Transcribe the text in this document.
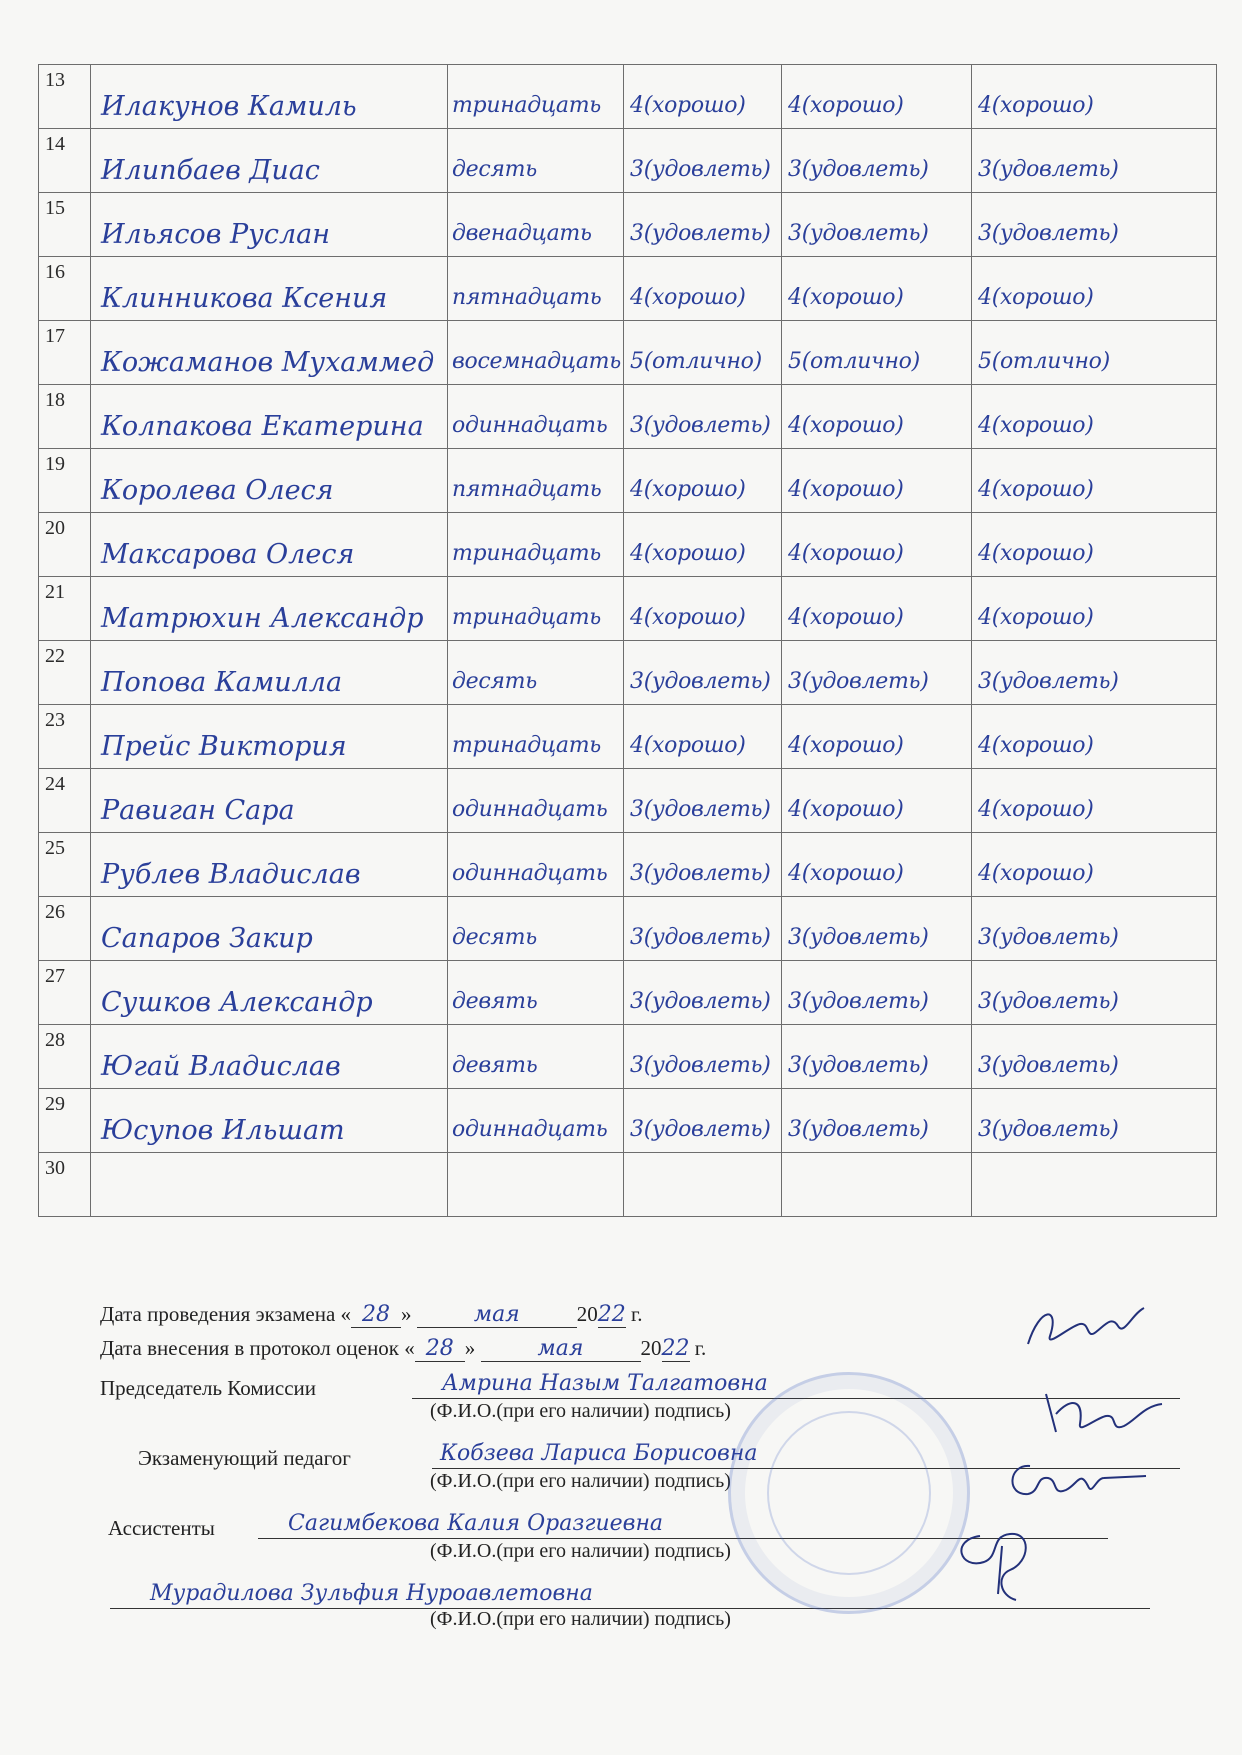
13	Илакунов Камиль	тринадцать	4(хорошо)	4(хорошо)	4(хорошо)

14	Илипбаев Диас	десять	3(удовлеть)	3(удовлеть)	3(удовлеть)

15	Ильясов Руслан	двенадцать	3(удовлеть)	3(удовлеть)	3(удовлеть)

16	Клинникова Ксения	пятнадцать	4(хорошо)	4(хорошо)	4(хорошо)

17	Кожаманов Мухаммед	восемнадцать	5(отлично)	5(отлично)	5(отлично)

18	Колпакова Екатерина	одиннадцать	3(удовлеть)	4(хорошо)	4(хорошо)

19	Королева Олеся	пятнадцать	4(хорошо)	4(хорошо)	4(хорошо)

20	Максарова Олеся	тринадцать	4(хорошо)	4(хорошо)	4(хорошо)

21	Матрюхин Александр	тринадцать	4(хорошо)	4(хорошо)	4(хорошо)

22	Попова Камилла	десять	3(удовлеть)	3(удовлеть)	3(удовлеть)

23	Прейс Виктория	тринадцать	4(хорошо)	4(хорошо)	4(хорошо)

24	Равиган Сара	одиннадцать	3(удовлеть)	4(хорошо)	4(хорошо)

25	Рублев Владислав	одиннадцать	3(удовлеть)	4(хорошо)	4(хорошо)

26	Сапаров Закир	десять	3(удовлеть)	3(удовлеть)	3(удовлеть)

27	Сушков Александр	девять	3(удовлеть)	3(удовлеть)	3(удовлеть)

28	Югай Владислав	девять	3(удовлеть)	3(удовлеть)	3(удовлеть)

29	Юсупов Ильшат	одиннадцать	3(удовлеть)	3(удовлеть)	3(удовлеть)

30					

Дата проведения экзамена « 28 »	мая	2022 г.
Дата внесения в протокол оценок « 28 »	мая	2022 г.
Председатель Комиссии	Амрина Назым Талгатовна
(Ф.И.О.(при его наличии) подпись)
Экзаменующий педагог	Кобзева Лариса Борисовна
(Ф.И.О.(при его наличии) подпись)
Ассистенты	Сагимбекова Калия Оразгиевна
(Ф.И.О.(при его наличии) подпись)
Мурадилова Зульфия Нуроавлетовна
(Ф.И.О.(при его наличии) подпись)
